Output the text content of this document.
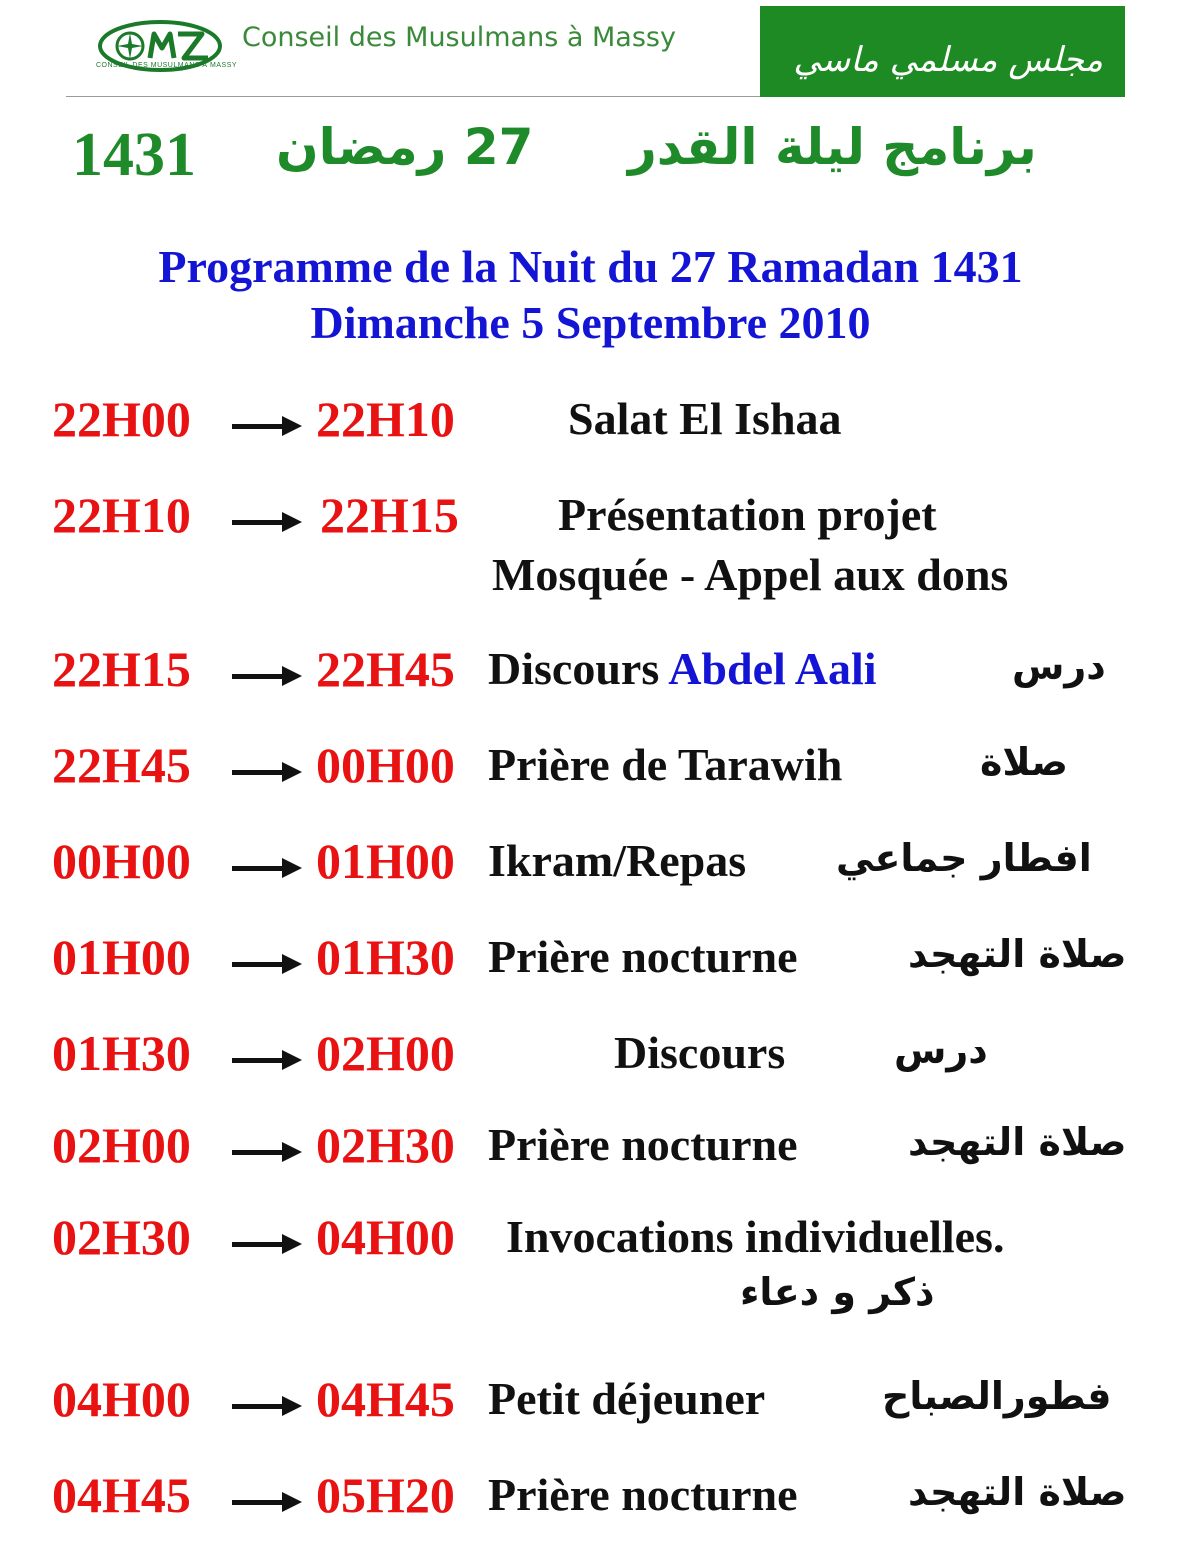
CONSEIL DES MUSULMANS À MASSY
Conseil des Musulmans à Massy
مجلس مسلمي ماسي
1431 27 رمضان برنامج ليلة القدر
Programme de la Nuit du 27 Ramadan 1431
Dimanche 5 Septembre 2010
22H00	22H10 Salat El Ishaa
22H10	22H15 Présentation projet
Mosquée - Appel aux dons
22H15	22H45 Discours Abdel Aali	درس
22H45	00H00 Prière de Tarawih	صلاة
00H00	01H00 Ikram/Repas افطار جماعي
01H00	01H30 Prière nocturne	صلاة التهجد
01H30	02H00	Discours	درس
02H00	02H30 Prière nocturne	صلاة التهجد
02H30	04H00 Invocations individuelles.
ذكر و دعاء
04H00	04H45 Petit déjeuner	فطورالصباح
04H45	05H20 Prière nocturne	صلاة التهجد
